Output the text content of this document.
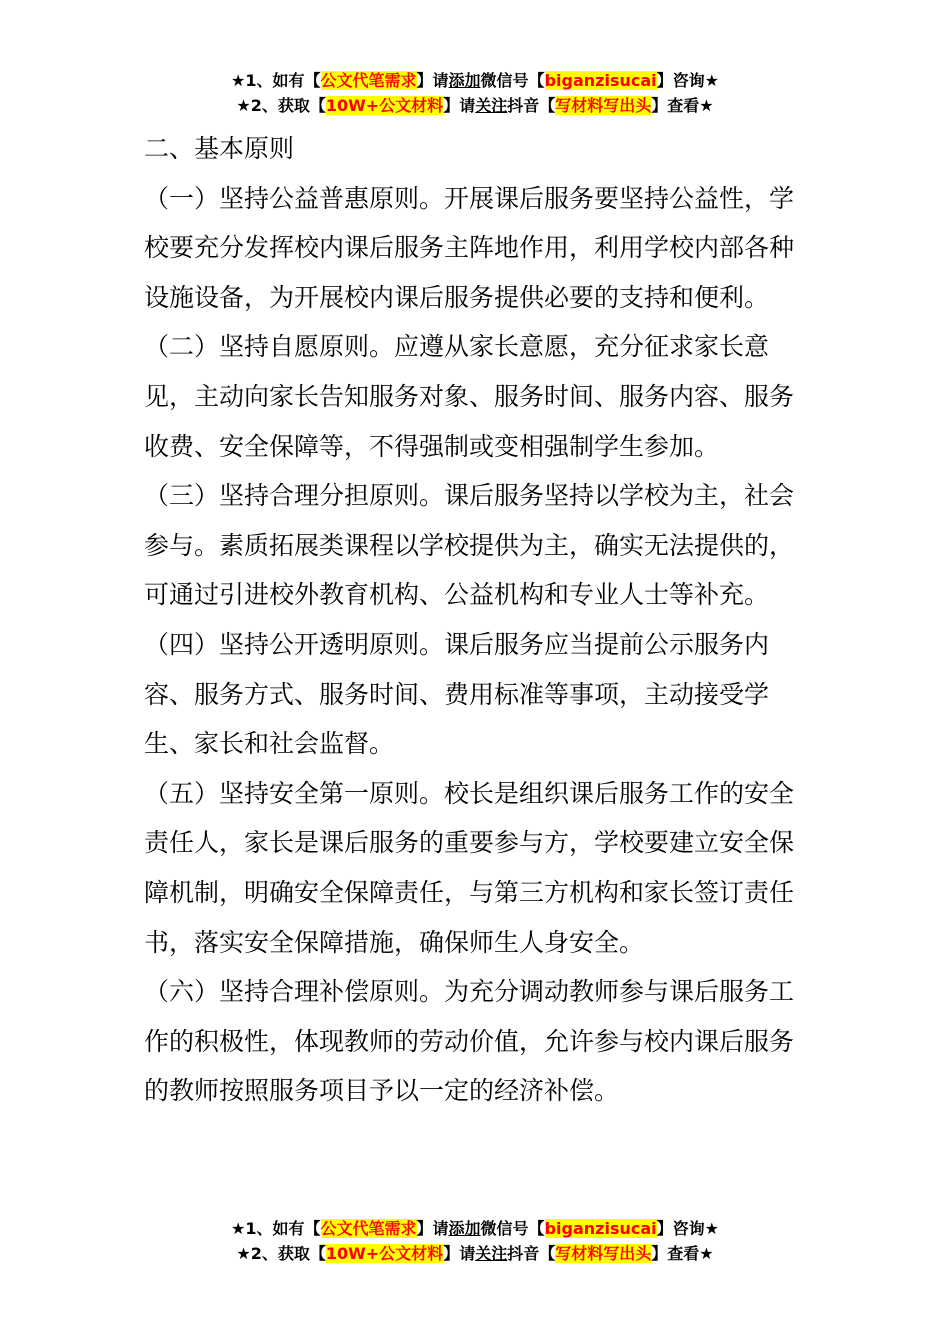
★1、如有【公文代笔需求】请添加微信号【biganzisucai】咨询★
★2、获取【10W+公文材料】请关注抖音【写材料写出头】查看★

二、基本原则

（一）坚持公益普惠原则。开展课后服务要坚持公益性，学校要充分发挥校内课后服务主阵地作用，利用学校内部各种设施设备，为开展校内课后服务提供必要的支持和便利。

（二）坚持自愿原则。应遵从家长意愿，充分征求家长意见，主动向家长告知服务对象、服务时间、服务内容、服务收费、安全保障等，不得强制或变相强制学生参加。

（三）坚持合理分担原则。课后服务坚持以学校为主，社会参与。素质拓展类课程以学校提供为主，确实无法提供的，可通过引进校外教育机构、公益机构和专业人士等补充。

（四）坚持公开透明原则。课后服务应当提前公示服务内容、服务方式、服务时间、费用标准等事项，主动接受学生、家长和社会监督。

（五）坚持安全第一原则。校长是组织课后服务工作的安全责任人，家长是课后服务的重要参与方，学校要建立安全保障机制，明确安全保障责任，与第三方机构和家长签订责任书，落实安全保障措施，确保师生人身安全。

（六）坚持合理补偿原则。为充分调动教师参与课后服务工作的积极性，体现教师的劳动价值，允许参与校内课后服务的教师按照服务项目予以一定的经济补偿。

★1、如有【公文代笔需求】请添加微信号【biganzisucai】咨询★
★2、获取【10W+公文材料】请关注抖音【写材料写出头】查看★
